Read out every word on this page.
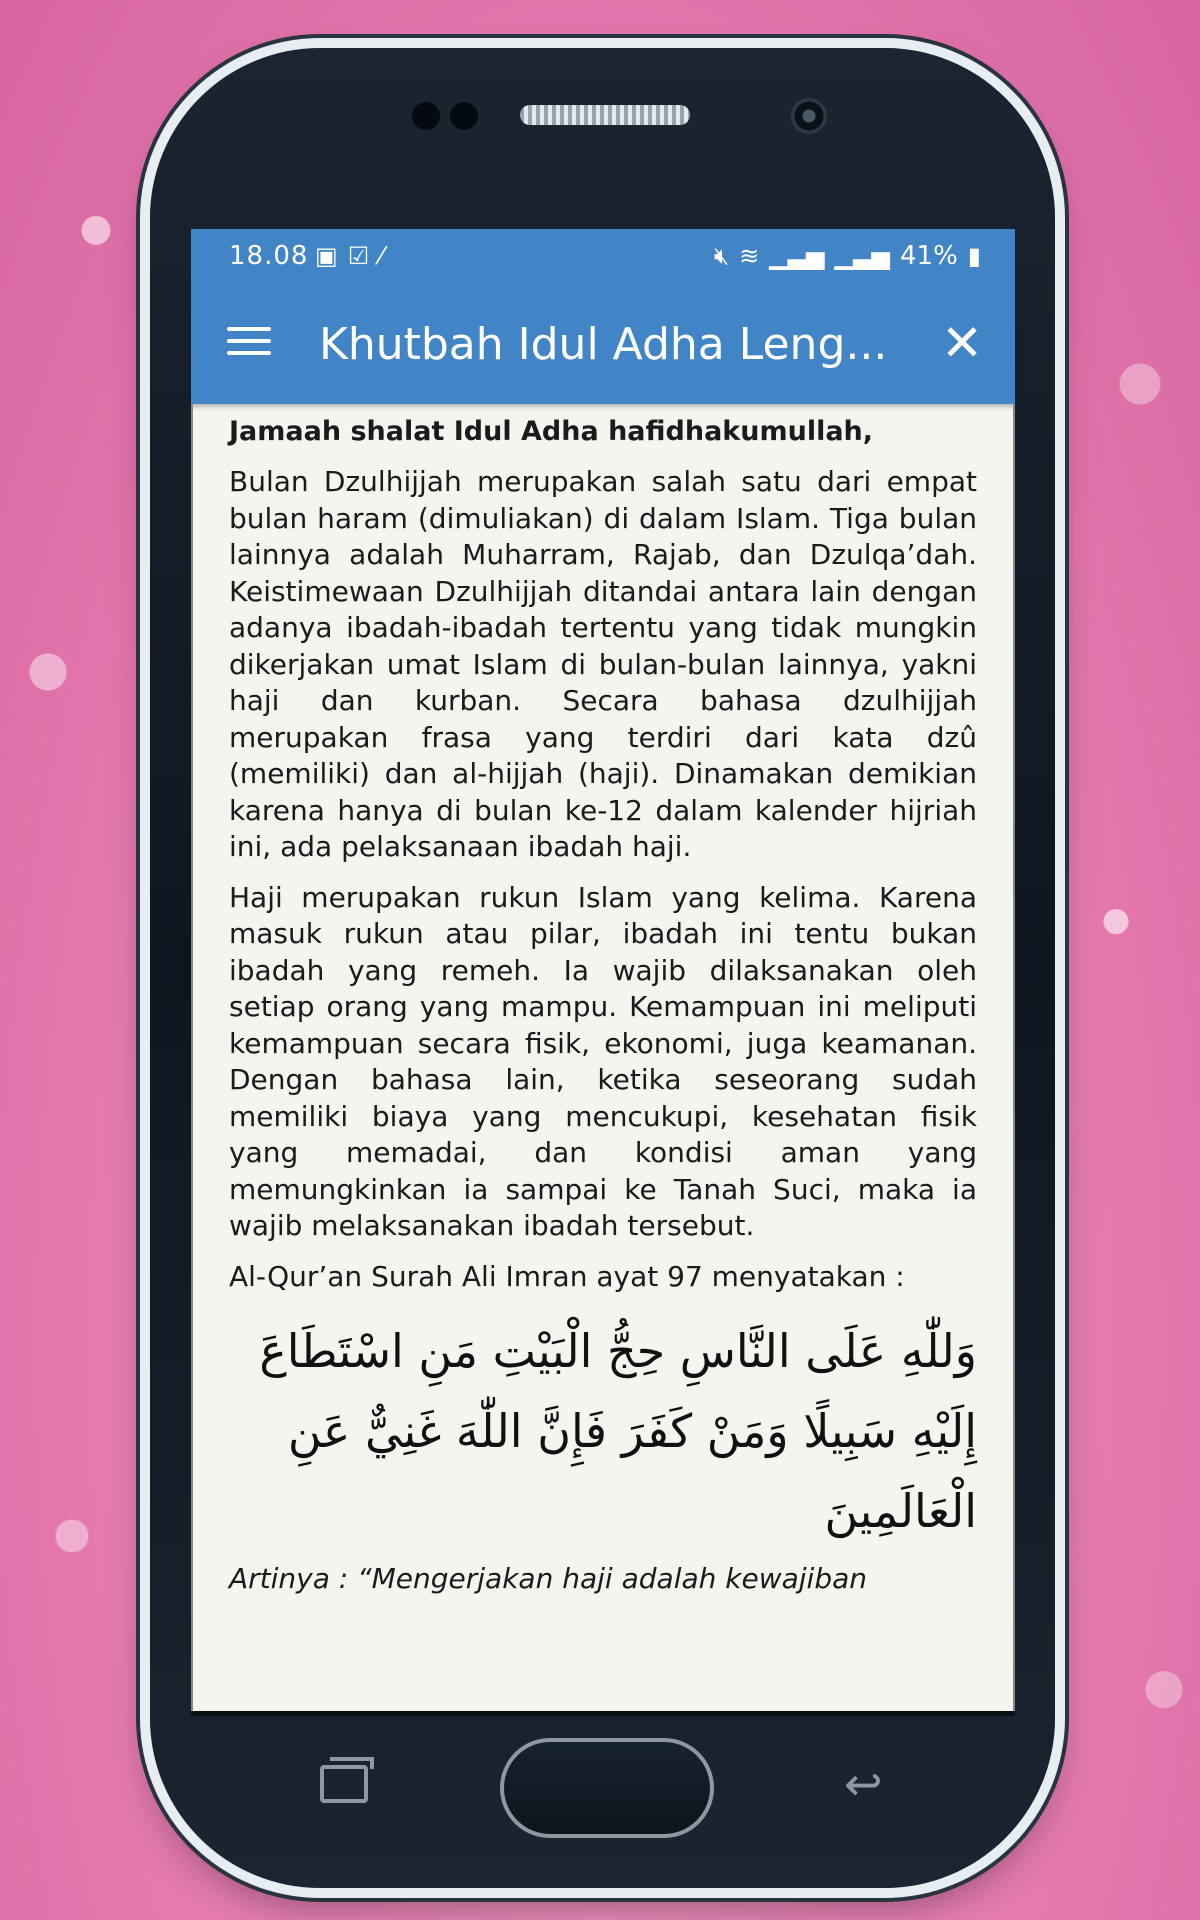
18.08 ▣ ☑ ⁄	🔇︎ ≋ ▁▃▅ ▁▃▅ 41% ▮
Khutbah Idul Adha Leng... ✕

Jamaah shalat Idul Adha hafidhakumullah,

Bulan Dzulhijjah merupakan salah satu dari empat bulan haram (dimuliakan) di dalam Islam. Tiga bulan lainnya adalah Muharram, Rajab, dan Dzulqa’dah. Keistimewaan Dzulhijjah ditandai antara lain dengan adanya ibadah-ibadah tertentu yang tidak mungkin dikerjakan umat Islam di bulan-bulan lainnya, yakni haji dan kurban. Secara bahasa dzulhijjah merupakan frasa yang terdiri dari kata dzû (memiliki) dan al-hijjah (haji). Dinamakan demikian karena hanya di bulan ke-12 dalam kalender hijriah ini, ada pelaksanaan ibadah haji.

Haji merupakan rukun Islam yang kelima. Karena masuk rukun atau pilar, ibadah ini tentu bukan ibadah yang remeh. Ia wajib dilaksanakan oleh setiap orang yang mampu. Kemampuan ini meliputi kemampuan secara fisik, ekonomi, juga keamanan. Dengan bahasa lain, ketika seseorang sudah memiliki biaya yang mencukupi, kesehatan fisik yang memadai, dan kondisi aman yang memungkinkan ia sampai ke Tanah Suci, maka ia wajib melaksanakan ibadah tersebut.

Al-Qur’an Surah Ali Imran ayat 97 menyatakan :

وَللّٰهِ عَلَى النَّاسِ حِجُّ الْبَيْتِ مَنِ اسْتَطَاعَ إِلَيْهِ سَبِيلًا وَمَنْ كَفَرَ فَإِنَّ اللّٰهَ غَنِيٌّ عَنِ الْعَالَمِينَ

Artinya : “Mengerjakan haji adalah kewajiban
↩
